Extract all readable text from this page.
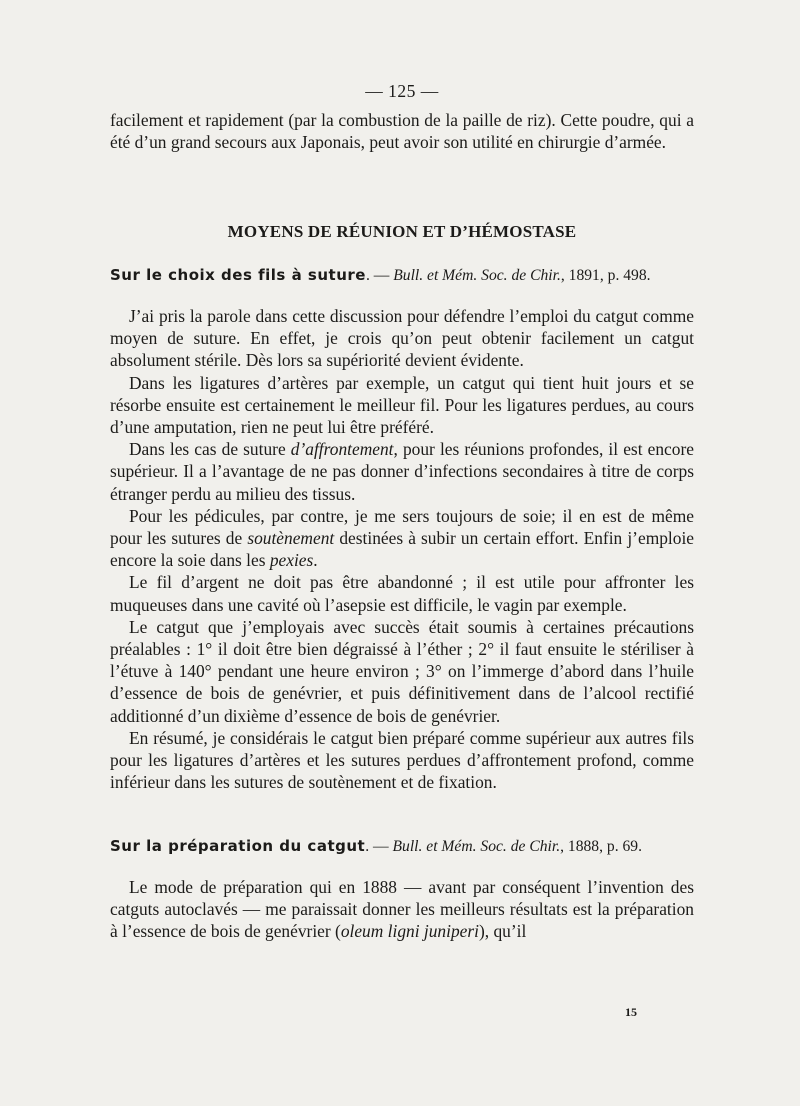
— 125 —

facilement et rapidement (par la combustion de la paille de riz). Cette poudre, qui a été d’un grand secours aux Japonais, peut avoir son utilité en chirurgie d’armée.

MOYENS DE RÉUNION ET D’HÉMOSTASE
Sur le choix des fils à suture. — Bull. et Mém. Soc. de Chir., 1891, p. 498.

J’ai pris la parole dans cette discussion pour défendre l’emploi du catgut comme moyen de suture. En effet, je crois qu’on peut obtenir facilement un catgut absolument stérile. Dès lors sa supériorité devient évidente.

Dans les ligatures d’artères par exemple, un catgut qui tient huit jours et se résorbe ensuite est certainement le meilleur fil. Pour les ligatures perdues, au cours d’une amputation, rien ne peut lui être préféré.

Dans les cas de suture d’affrontement, pour les réunions profondes, il est encore supérieur. Il a l’avantage de ne pas donner d’infections secondaires à titre de corps étranger perdu au milieu des tissus.

Pour les pédicules, par contre, je me sers toujours de soie; il en est de même pour les sutures de soutènement destinées à subir un certain effort. Enfin j’emploie encore la soie dans les pexies.

Le fil d’argent ne doit pas être abandonné ; il est utile pour affronter les muqueuses dans une cavité où l’asepsie est difficile, le vagin par exemple.

Le catgut que j’employais avec succès était soumis à certaines précautions préalables : 1° il doit être bien dégraissé à l’éther ; 2° il faut ensuite le stériliser à l’étuve à 140° pendant une heure environ ; 3° on l’immerge d’abord dans l’huile d’essence de bois de genévrier, et puis définitivement dans de l’alcool rectifié additionné d’un dixième d’essence de bois de genévrier.

En résumé, je considérais le catgut bien préparé comme supérieur aux autres fils pour les ligatures d’artères et les sutures perdues d’affrontement profond, comme inférieur dans les sutures de soutènement et de fixation.

Sur la préparation du catgut. — Bull. et Mém. Soc. de Chir., 1888, p. 69.

Le mode de préparation qui en 1888 — avant par conséquent l’invention des catguts autoclavés — me paraissait donner les meilleurs résultats est la préparation à l’essence de bois de genévrier (oleum ligni juniperi), qu’il

15
